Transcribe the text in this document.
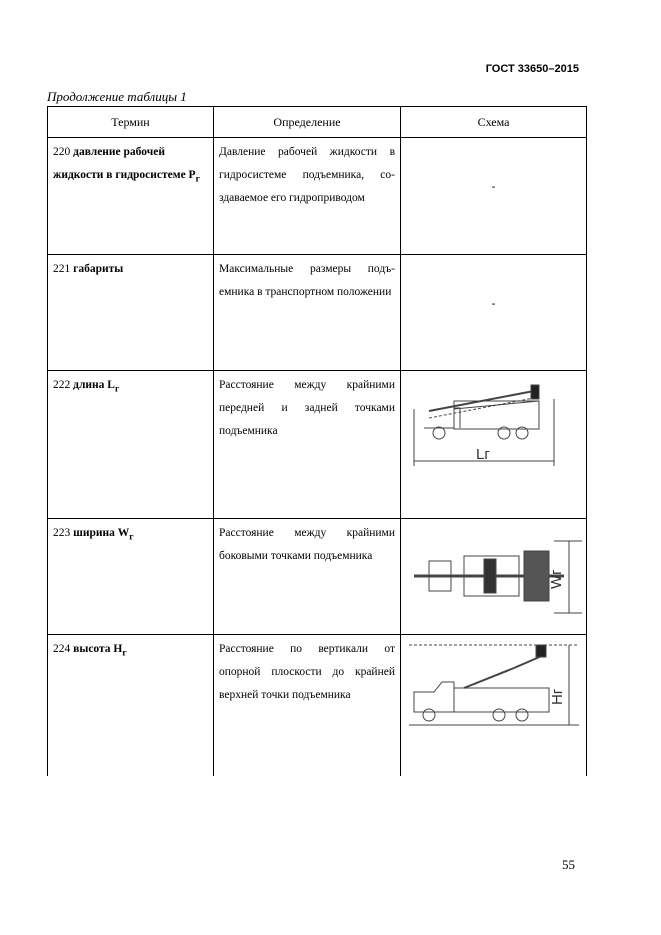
ГОСТ 33650–2015
Продолжение таблицы 1
Термин	Определение	Схема

220 давление рабочей жидкости в гидросистеме $P_г$	Давление рабочей жидкости в гидросистеме подъемника, создаваемое его гидроприводом	-

221 габариты	Максимальные размеры подъемника в транспортном положении	-

222 длина $L_г$	Расстояние между крайними передней и задней точками подъемника	Lг

223 ширина $W_г$	Расстояние между крайними боковыми точками подъемника	Wг

224 высота $H_г$	Расстояние по вертикали от опорной плоскости до крайней верхней точки подъемника	Hг
55
